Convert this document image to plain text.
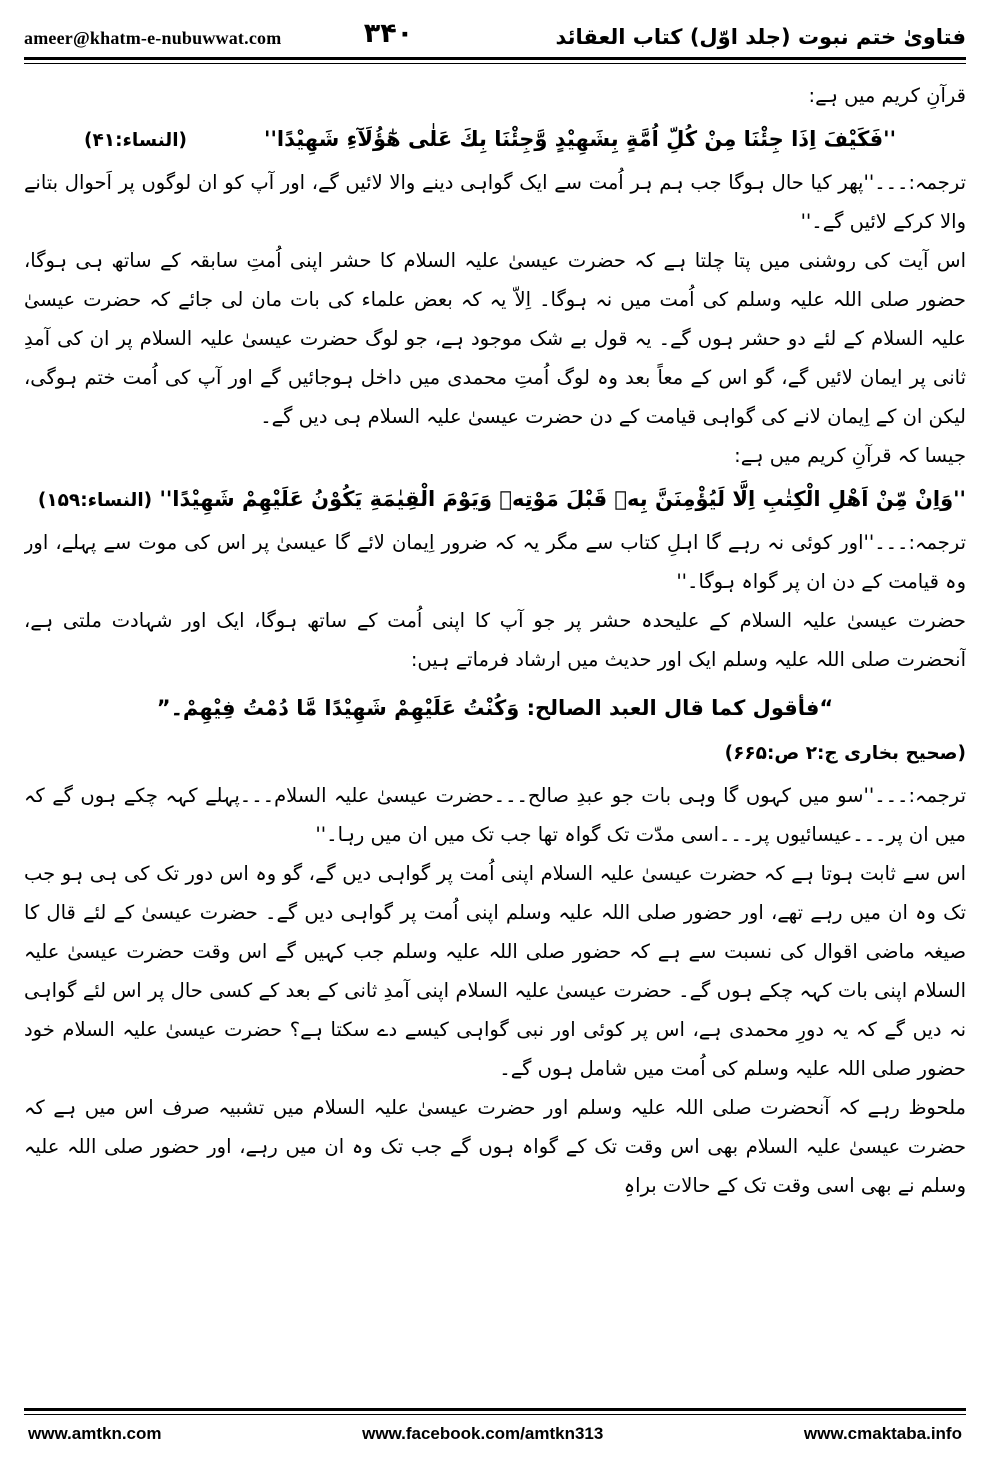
ameer@khatm-e-nubuwwat.com	۳۴۰	فتاویٰ ختم نبوت (جلد اوّل) کتاب العقائد

قرآنِ کریم میں ہے:

''فَكَيْفَ اِذَا جِئْنَا مِنْ كُلِّ اُمَّةٍ بِشَهِيْدٍ وَّجِئْنَا بِكَ عَلٰى هٰٓؤُلَآءِ شَهِيْدًا''
(النساء:۴۱)

ترجمہ:۔۔۔''پھر کیا حال ہوگا جب ہم ہر اُمت سے ایک گواہی دینے والا لائیں گے، اور آپ کو ان لوگوں پر اَحوال بتانے والا کرکے لائیں گے۔''

اس آیت کی روشنی میں پتا چلتا ہے کہ حضرت عیسیٰ علیہ السلام کا حشر اپنی اُمتِ سابقہ کے ساتھ ہی ہوگا، حضور صلی اللہ علیہ وسلم کی اُمت میں نہ ہوگا۔ اِلاّ یہ کہ بعض علماء کی بات مان لی جائے کہ حضرت عیسیٰ علیہ السلام کے لئے دو حشر ہوں گے۔ یہ قول بے شک موجود ہے، جو لوگ حضرت عیسیٰ علیہ السلام پر ان کی آمدِ ثانی پر ایمان لائیں گے، گو اس کے معاً بعد وہ لوگ اُمتِ محمدی میں داخل ہوجائیں گے اور آپ کی اُمت ختم ہوگی، لیکن ان کے اِیمان لانے کی گواہی قیامت کے دن حضرت عیسیٰ علیہ السلام ہی دیں گے۔

جیسا کہ قرآنِ کریم میں ہے:

''وَاِنْ مِّنْ اَهْلِ الْكِتٰبِ اِلَّا لَيُؤْمِنَنَّ بِهٖ قَبْلَ مَوْتِهٖ وَيَوْمَ الْقِيٰمَةِ يَكُوْنُ عَلَيْهِمْ شَهِيْدًا'' (النساء:۱۵۹)

ترجمہ:۔۔۔''اور کوئی نہ رہے گا اہلِ کتاب سے مگر یہ کہ ضرور اِیمان لائے گا عیسیٰ پر اس کی موت سے پہلے، اور وہ قیامت کے دن ان پر گواہ ہوگا۔''

حضرت عیسیٰ علیہ السلام کے علیحدہ حشر پر جو آپ کا اپنی اُمت کے ساتھ ہوگا، ایک اور شہادت ملتی ہے، آنحضرت صلی اللہ علیہ وسلم ایک اور حدیث میں ارشاد فرماتے ہیں:

“فأقول كما قال العبد الصالح: وَكُنْتُ عَلَيْهِمْ شَهِيْدًا مَّا دُمْتُ فِيْهِمْ۔”

(صحیح بخاری ج:۲ ص:۶۶۵)

ترجمہ:۔۔۔''سو میں کہوں گا وہی بات جو عبدِ صالح۔۔۔حضرت عیسیٰ علیہ السلام۔۔۔پہلے کہہ چکے ہوں گے کہ میں ان پر۔۔۔عیسائیوں پر۔۔۔اسی مدّت تک گواہ تھا جب تک میں ان میں رہا۔''

اس سے ثابت ہوتا ہے کہ حضرت عیسیٰ علیہ السلام اپنی اُمت پر گواہی دیں گے، گو وہ اس دور تک کی ہی ہو جب تک وہ ان میں رہے تھے، اور حضور صلی اللہ علیہ وسلم اپنی اُمت پر گواہی دیں گے۔ حضرت عیسیٰ کے لئے قال کا صیغہ ماضی اقوال کی نسبت سے ہے کہ حضور صلی اللہ علیہ وسلم جب کہیں گے اس وقت حضرت عیسیٰ علیہ السلام اپنی بات کہہ چکے ہوں گے۔ حضرت عیسیٰ علیہ السلام اپنی آمدِ ثانی کے بعد کے کسی حال پر اس لئے گواہی نہ دیں گے کہ یہ دورِ محمدی ہے، اس پر کوئی اور نبی گواہی کیسے دے سکتا ہے؟ حضرت عیسیٰ علیہ السلام خود حضور صلی اللہ علیہ وسلم کی اُمت میں شامل ہوں گے۔

ملحوظ رہے کہ آنحضرت صلی اللہ علیہ وسلم اور حضرت عیسیٰ علیہ السلام میں تشبیہ صرف اس میں ہے کہ حضرت عیسیٰ علیہ السلام بھی اس وقت تک کے گواہ ہوں گے جب تک وہ ان میں رہے، اور حضور صلی اللہ علیہ وسلم نے بھی اسی وقت تک کے حالات براہِ

www.amtkn.com	www.facebook.com/amtkn313	www.cmaktaba.info
